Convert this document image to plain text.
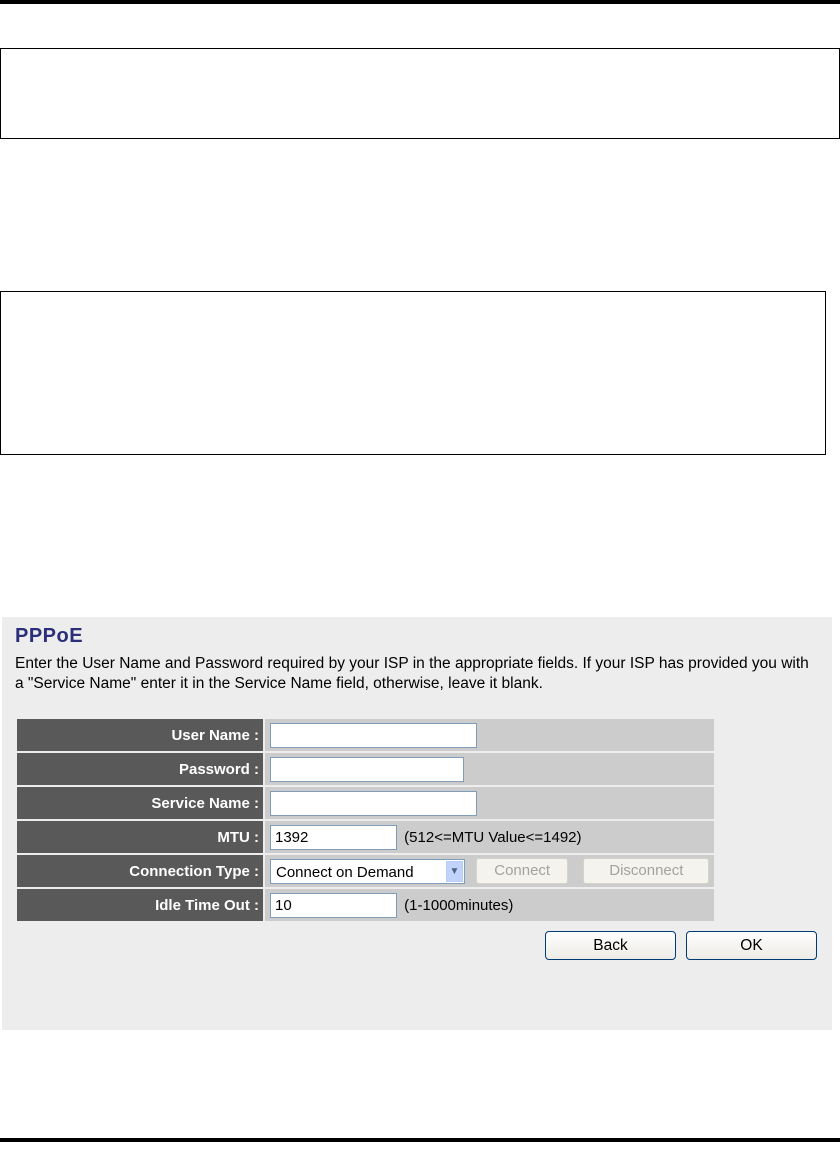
PPPoE

Enter the User Name and Password required by your ISP in the appropriate fields. If your ISP has provided you with a "Service Name" enter it in the Service Name field, otherwise, leave it blank.

User Name :	
Password :	
Service Name :	
MTU :	1392 (512<=MTU Value<=1492)
Connection Type :	Connect on Demand ▼ Connect Disconnect
Idle Time Out :	10 (1-1000minutes)
Back	OK
